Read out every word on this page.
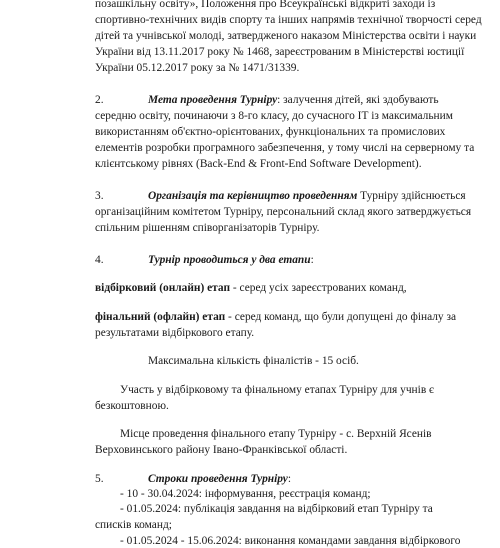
позашкільну освіту», Положення про Всеукраїнські відкриті заходи із
спортивно-технічних видів спорту та інших напрямів технічної творчості серед
дітей та учнівської молоді, затвердженого наказом Міністерства освіти і науки
України від 13.11.2017 року № 1468, зареєстрованим в Міністерстві юстиції
України 05.12.2017 року за № 1471/31339.
2.	Мета проведення Турніру: залучення дітей, які здобувають
середню освіту, починаючи з 8-го класу, до сучасного ІТ із максимальним
використанням об'єктно-орієнтованих, функціональних та промислових
елементів розробки програмного забезпечення, у тому числі на серверному та
клієнтському рівнях (Back-End & Front-End Software Development).
3.	Організація та керівництво проведенням Турніру здійснюється
організаційним комітетом Турніру, персональний склад якого затверджується
спільним рішенням співорганізаторів Турніру.
4.	Турнір проводиться у два етапи:
відбірковий (онлайн) етап - серед усіх зареєстрованих команд,
фінальний (офлайн) етап - серед команд, що були допущені до фіналу за
результатами відбіркового етапу.
Максимальна кількість фіналістів - 15 осіб.
Участь у відбірковому та фінальному етапах Турніру для учнів є
безкоштовною.
Місце проведення фінального етапу Турніру - с. Верхній Ясенів
Верховинського району Івано-Франківської області.
5.	Строки проведення Турніру:
- 10 - 30.04.2024: інформування, реєстрація команд;
- 01.05.2024: публікація завдання на відбірковий етап Турніру та
списків команд;
- 01.05.2024 - 15.06.2024: виконання командами завдання відбіркового
